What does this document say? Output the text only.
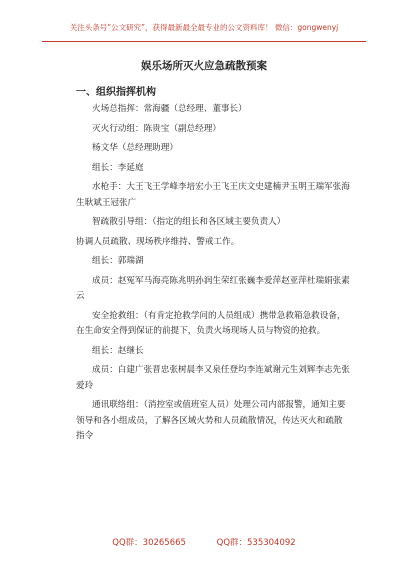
关注头条号“公文研究”，获得最新最全最专业的公文资料库！ 微信：gongwenyj
娱乐场所灭火应急疏散预案
一、组织指挥机构

火场总指挥：常海疆（总经理、董事长）

灭火行动组：陈贵宝（副总经理）

杨文华（总经理助理）

组长：李延庭

水枪手：大王飞王学峰李培宏小王飞王庆文史建楠尹玉明王瑞军张海生耿斌王冠张广

智疏散引导组：（指定的组长和各区域主要负责人）

协调人员疏散、现场秩序维持、警戒工作。

组长：郭瑞湖

成员：赵冤军马海亮陈兆明孙润生荣红张巍李爱萍赵亚萍杜瑞娟张素云

安全抢救组：（有肯定抢救学问的人员组成）携带急救箱急救设备，在生命安全得到保证的前提下，负责火场现场人员与物资的抢救。

组长：赵继长

成员：白建广张晋忠张树晨李又泉任登均李连斌谢元生刘辉李志先张爱玲

通讯联络组：（消控室或值班室人员）处理公司内部报警，通知主要领导和各小组成员，了解各区域火势和人员疏散情况，传达灭火和疏散指令

QQ群：30265665	QQ群：535304092
